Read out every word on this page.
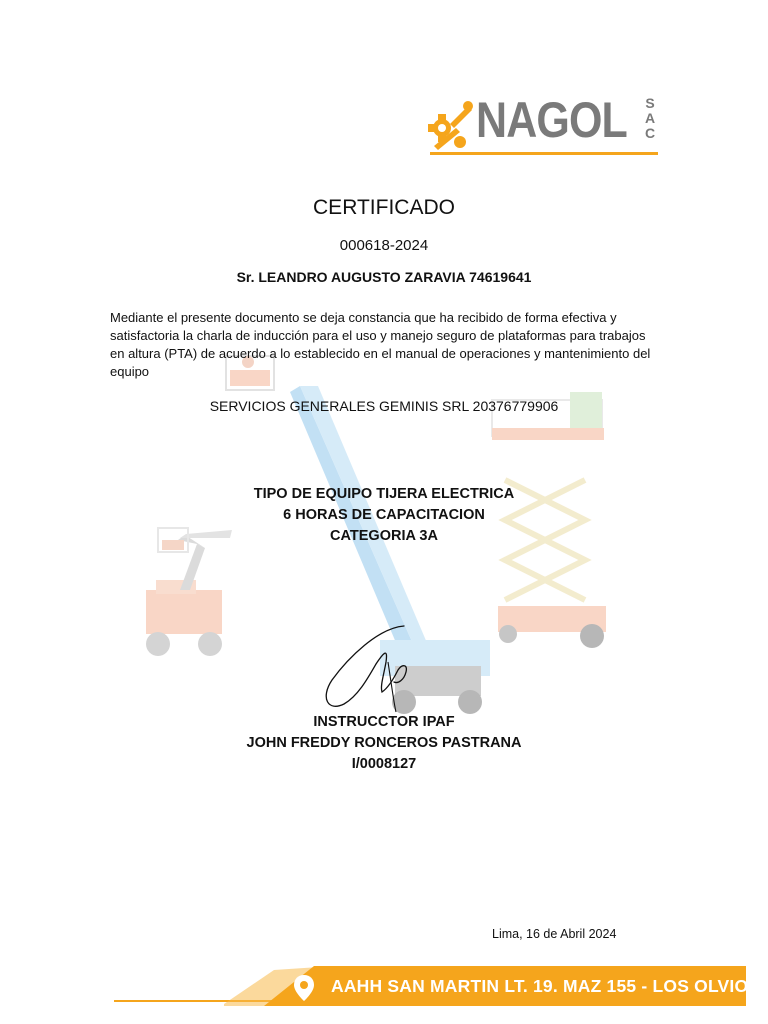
NAGOL SAC
CERTIFICADO
000618-2024
Sr. LEANDRO AUGUSTO ZARAVIA 74619641
Mediante el presente documento se deja constancia que ha recibido de forma efectiva y satisfactoria la charla de inducción para el uso y manejo seguro de plataformas para trabajos en altura (PTA) de acuerdo a lo establecido en el manual de operaciones y mantenimiento del equipo
SERVICIOS GENERALES GEMINIS SRL 20376779906
TIPO DE EQUIPO TIJERA ELECTRICA
6 HORAS DE CAPACITACION
CATEGORIA 3A
INSTRUCCTOR IPAF
JOHN FREDDY RONCEROS PASTRANA
I/0008127
Lima, 16 de Abril 2024
AAHH SAN MARTIN LT. 19. MAZ 155 - LOS OLVIOS
